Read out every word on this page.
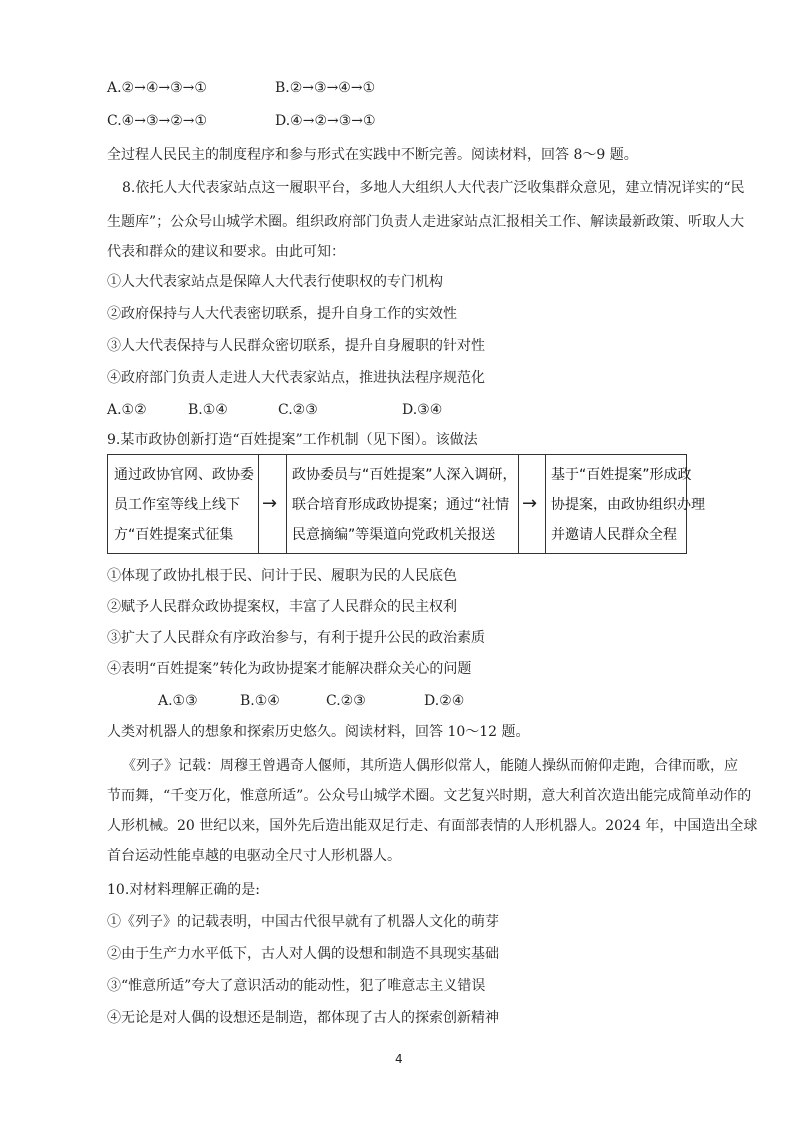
A.②→④→③→①	B.②→③→④→①
C.④→③→②→①	D.④→②→③→①
全过程人民民主的制度程序和参与形式在实践中不断完善。阅读材料，回答 8～9 题。
8.依托人大代表家站点这一履职平台，多地人大组织人大代表广泛收集群众意见，建立情况详实的“民
生题库”；公众号山城学术圈。组织政府部门负责人走进家站点汇报相关工作、解读最新政策、听取人大
代表和群众的建议和要求。由此可知：
①人大代表家站点是保障人大代表行使职权的专门机构
②政府保持与人大代表密切联系，提升自身工作的实效性
③人大代表保持与人民群众密切联系，提升自身履职的针对性
④政府部门负责人走进人大代表家站点，推进执法程序规范化
A.①②	B.①④	C.②③	D.③④
9.某市政协创新打造“百姓提案”工作机制（见下图）。该做法
通过政协官网、政协委
员工作室等线上线下
方“百姓提案式征集
→
政协委员与“百姓提案”人深入调研，
联合培育形成政协提案；通过“社情
民意摘编”等渠道向党政机关报送
→
基于“百姓提案”形成政
协提案，由政协组织办理
并邀请人民群众全程
①体现了政协扎根于民、问计于民、履职为民的人民底色
②赋予人民群众政协提案权，丰富了人民群众的民主权利
③扩大了人民群众有序政治参与，有利于提升公民的政治素质
④表明“百姓提案”转化为政协提案才能解决群众关心的问题
A.①③	B.①④	C.②③	D.②④
人类对机器人的想象和探索历史悠久。阅读材料，回答 10～12 题。
《列子》记载：周穆王曾遇奇人偃师，其所造人偶形似常人，能随人操纵而俯仰走跑，合律而歌，应
节而舞，“千变万化，惟意所适”。公众号山城学术圈。文艺复兴时期，意大利首次造出能完成简单动作的
人形机械。20 世纪以来，国外先后造出能双足行走、有面部表情的人形机器人。2024 年，中国造出全球
首台运动性能卓越的电驱动全尺寸人形机器人。
10.对材料理解正确的是:
①《列子》的记载表明，中国古代很早就有了机器人文化的萌芽
②由于生产力水平低下，古人对人偶的设想和制造不具现实基础
③“惟意所适”夸大了意识活动的能动性，犯了唯意志主义错误
④无论是对人偶的设想还是制造，都体现了古人的探索创新精神
4
